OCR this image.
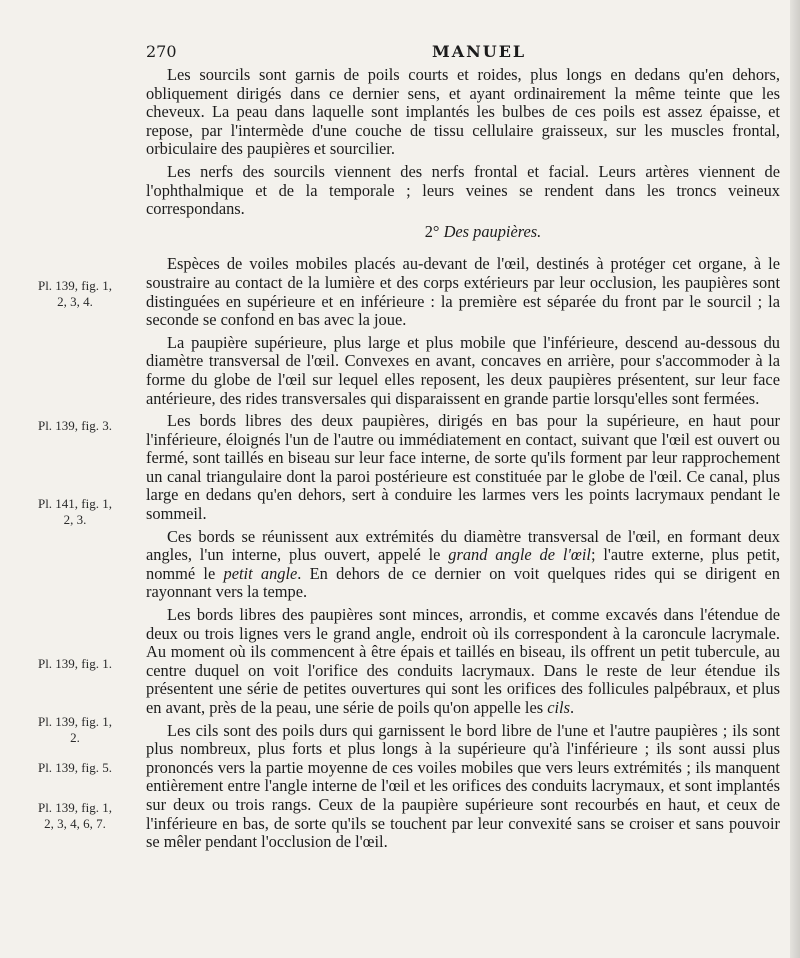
270	MANUEL

Les sourcils sont garnis de poils courts et roides, plus longs en dedans qu'en dehors, obliquement dirigés dans ce dernier sens, et ayant ordinairement la même teinte que les cheveux. La peau dans laquelle sont implantés les bulbes de ces poils est assez épaisse, et repose, par l'intermède d'une couche de tissu cellulaire graisseux, sur les muscles frontal, orbiculaire des paupières et sourcilier.

Les nerfs des sourcils viennent des nerfs frontal et facial. Leurs artères viennent de l'ophthalmique et de la temporale ; leurs veines se rendent dans les troncs veineux correspondans.

2° Des paupières.

Espèces de voiles mobiles placés au-devant de l'œil, destinés à protéger cet organe, à le soustraire au contact de la lumière et des corps extérieurs par leur occlusion, les paupières sont distinguées en supérieure et en inférieure : la première est séparée du front par le sourcil ; la seconde se confond en bas avec la joue.

La paupière supérieure, plus large et plus mobile que l'inférieure, descend au-dessous du diamètre transversal de l'œil. Convexes en avant, concaves en arrière, pour s'accommoder à la forme du globe de l'œil sur lequel elles reposent, les deux paupières présentent, sur leur face antérieure, des rides transversales qui disparaissent en grande partie lorsqu'elles sont fermées.

Les bords libres des deux paupières, dirigés en bas pour la supérieure, en haut pour l'inférieure, éloignés l'un de l'autre ou immédiatement en contact, suivant que l'œil est ouvert ou fermé, sont taillés en biseau sur leur face interne, de sorte qu'ils forment par leur rapprochement un canal triangulaire dont la paroi postérieure est constituée par le globe de l'œil. Ce canal, plus large en dedans qu'en dehors, sert à conduire les larmes vers les points lacrymaux pendant le sommeil.

Ces bords se réunissent aux extrémités du diamètre transversal de l'œil, en formant deux angles, l'un interne, plus ouvert, appelé le grand angle de l'œil; l'autre externe, plus petit, nommé le petit angle. En dehors de ce dernier on voit quelques rides qui se dirigent en rayonnant vers la tempe.

Les bords libres des paupières sont minces, arrondis, et comme excavés dans l'étendue de deux ou trois lignes vers le grand angle, endroit où ils correspondent à la caroncule lacrymale. Au moment où ils commencent à être épais et taillés en biseau, ils offrent un petit tubercule, au centre duquel on voit l'orifice des conduits lacrymaux. Dans le reste de leur étendue ils présentent une série de petites ouvertures qui sont les orifices des follicules palpébraux, et plus en avant, près de la peau, une série de poils qu'on appelle les cils.

Les cils sont des poils durs qui garnissent le bord libre de l'une et l'autre paupières ; ils sont plus nombreux, plus forts et plus longs à la supérieure qu'à l'inférieure ; ils sont aussi plus prononcés vers la partie moyenne de ces voiles mobiles que vers leurs extrémités ; ils manquent entièrement entre l'angle interne de l'œil et les orifices des conduits lacrymaux, et sont implantés sur deux ou trois rangs. Ceux de la paupière supérieure sont recourbés en haut, et ceux de l'inférieure en bas, de sorte qu'ils se touchent par leur convexité sans se croiser et sans pouvoir se mêler pendant l'occlusion de l'œil.

Pl. 139, fig. 1,
2, 3, 4.
Pl. 139, fig. 3.
Pl. 141, fig. 1,
2, 3.
Pl. 139, fig. 1.
Pl. 139, fig. 1,
2.
Pl. 139, fig. 5.
Pl. 139, fig. 1,
2, 3, 4, 6, 7.
